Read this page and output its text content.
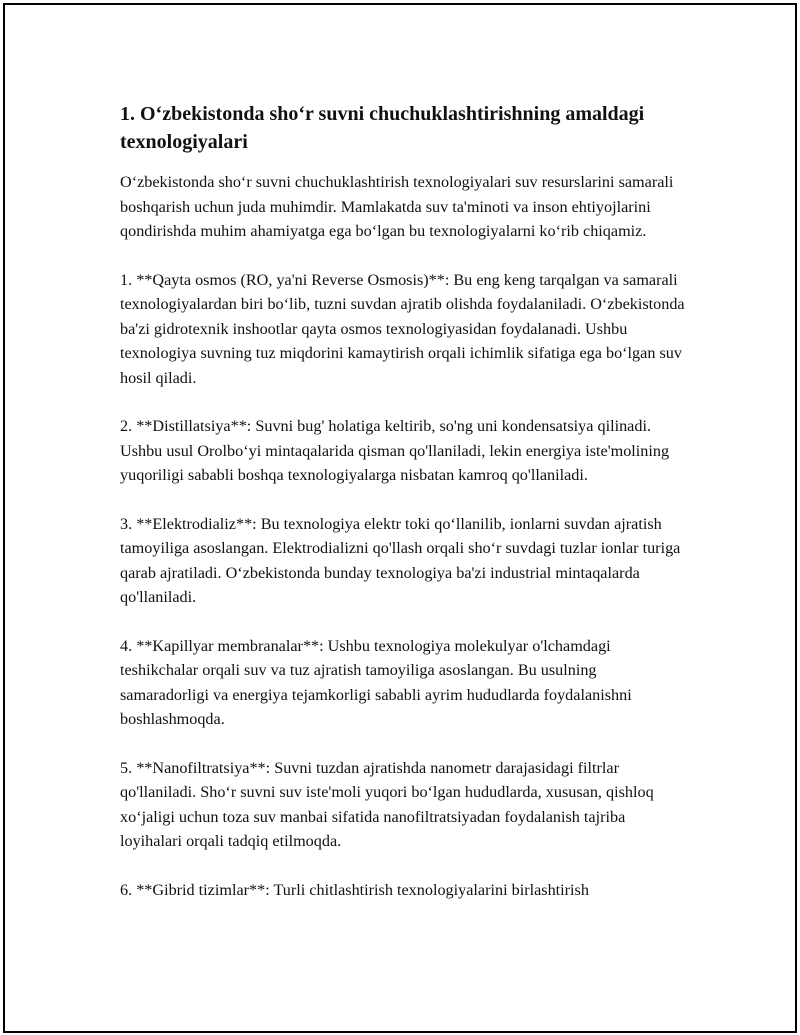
1. O‘zbekistonda sho‘r suvni chuchuklashtirishning amaldagi texnologiyalari

O‘zbekistonda sho‘r suvni chuchuklashtirish texnologiyalari suv resurslarini samarali boshqarish uchun juda muhimdir. Mamlakatda suv ta'minoti va inson ehtiyojlarini qondirishda muhim ahamiyatga ega bo‘lgan bu texnologiyalarni ko‘rib chiqamiz.

1. **Qayta osmos (RO, ya'ni Reverse Osmosis)**: Bu eng keng tarqalgan va samarali texnologiyalardan biri bo‘lib, tuzni suvdan ajratib olishda foydalaniladi. O‘zbekistonda ba'zi gidrotexnik inshootlar qayta osmos texnologiyasidan foydalanadi. Ushbu texnologiya suvning tuz miqdorini kamaytirish orqali ichimlik sifatiga ega bo‘lgan suv hosil qiladi.

2. **Distillatsiya**: Suvni bug' holatiga keltirib, so'ng uni kondensatsiya qilinadi. Ushbu usul Orolbo‘yi mintaqalarida qisman qo'llaniladi, lekin energiya iste'molining yuqoriligi sababli boshqa texnologiyalarga nisbatan kamroq qo'llaniladi.

3. **Elektrodializ**: Bu texnologiya elektr toki qo‘llanilib, ionlarni suvdan ajratish tamoyiliga asoslangan. Elektrodializni qo'llash orqali sho‘r suvdagi tuzlar ionlar turiga qarab ajratiladi. O‘zbekistonda bunday texnologiya ba'zi industrial mintaqalarda qo'llaniladi.

4. **Kapillyar membranalar**: Ushbu texnologiya molekulyar o'lchamdagi teshikchalar orqali suv va tuz ajratish tamoyiliga asoslangan. Bu usulning samaradorligi va energiya tejamkorligi sababli ayrim hududlarda foydalanishni boshlashmoqda.

5. **Nanofiltratsiya**: Suvni tuzdan ajratishda nanometr darajasidagi filtrlar qo'llaniladi. Sho‘r suvni suv iste'moli yuqori bo‘lgan hududlarda, xususan, qishloq xo‘jaligi uchun toza suv manbai sifatida nanofiltratsiyadan foydalanish tajriba loyihalari orqali tadqiq etilmoqda.

6. **Gibrid tizimlar**: Turli chitlashtirish texnologiyalarini birlashtirish
